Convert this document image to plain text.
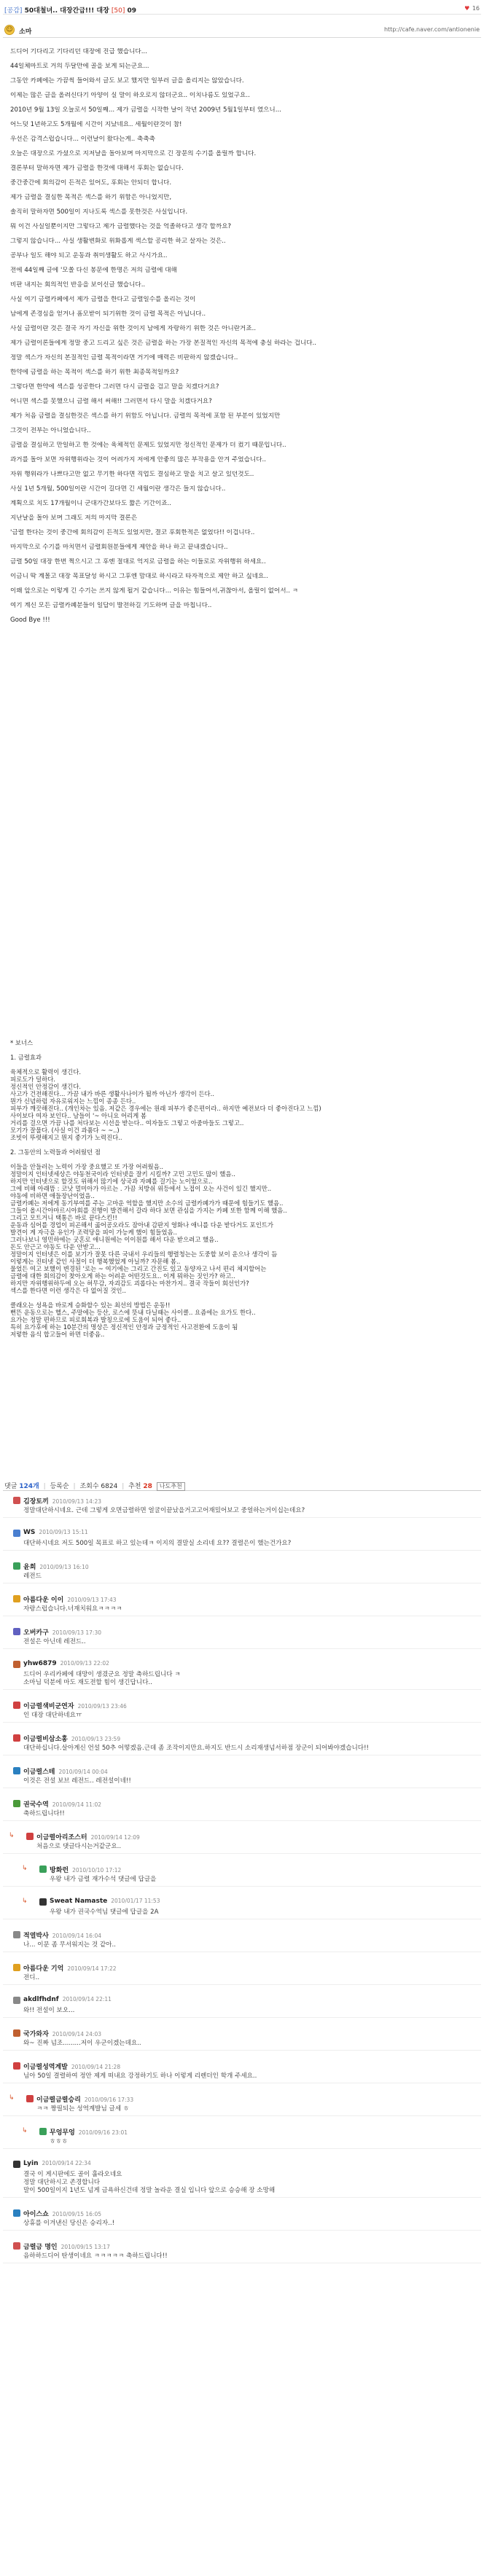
[공감] 50대철녀.. 대장간급!!! 대장 [50] 09	♥ 16
☺ 소마	http://cafe.naver.com/antionenie
드디어 기다리고 기다리던 대장에 진급 했습니다...
44일체마트로 거의 두달만에 골을 보게 되는군요...
그동안 카페에는 가끔씩 들어와서 글도 보고 했지만 일부러 글을 올리지는 않았습니다.
이제는 많은 글을 올려신다기 아양이 실 말이 하오로지 않더군요.. 이치나름도 있었구요..
2010년 9월 13일 오늘로서 50일째... 제가 금렬을 시작한 날이 작년 2009년 5월1일부터 였으니...
어느덧 1년하고도 5개월에 시간이 지났네요.. 세월이란것이 참!
우선은 감격스럽습니다... 이런날이 왔다는게.. 축축축
오늘은 대장으로 가셨으로 지저날을 돌아보며 마지막으로 긴 장문의 수기를 올릴까 합니다.
결론부터 말하자면 제가 금렬을 한것에 대해서 후회는 없습니다.
중간중간에 회의감이 든적은 있어도, 후회는 안되더 합니다.
제가 금렬을 결심한 목적은 섹스를 하기 위함은 아니었지만,
솔직히 말하자면 500일이 지나도록 섹스를 못한것은 사실입니다.
뭐 이건 사실일뿐이지만 그렇다고 제가 금렬했다는 것을 억졸하다고 생각 할까요?
그렇지 않습니다... 사실 생활변화로 위화롭게 섹스할 공리한 하고 살자는 것은..
공부나 일도 해야 되고 운동과 취미생활도 하고 사시가요..
전에 44일째 글에 '모쏠 다신 봉문에 한명은 저의 금렬에 대해
비판 내지는 회의적인 반응을 보이신글 했습니다..
사실 여기 금렬카페에서 제가 금렬을 한다고 금렬일수를 올리는 것이
남에게 존경심을 얻거나 흠모받이 되기위한 것이 금렬 목적은 아닙니다..
사실 금렬이란 것은 결국 자기 자신을 위한 것이지 남에게 자랑하기 위한 것은 아니란거죠..
제가 금렬이론들에게 정말 중고 드리고 싶은 것은 금렬을 하는 가장 본질적인 자신의 목적에 충실 하라는 겁니다..
정말 섹스가 자신의 본질적인 금렬 목적이라면 거기에 매력은 비판하지 않겠습니다..
한약에 금렬을 하는 목적이 섹스를 하기 위한 최종목적일까요?
그렇다면 한약에 섹스를 성공한다 그러면 다시 금렬을 검고 말을 치겠다거요?
어니면 섹스를 못했으니 금렬 해서 써해!! 그러면서 다시 말을 치겠다거요?
제가 처음 금렬을 결심한것은 섹스를 하기 위함도 아닙니다. 금렬의 목적에 포함 된 부분이 있었지만
그것이 전부는 아니었습니다..
금렬을 결심하고 만일하고 한 것에는 육체적인 문제도 있었지만 정신적인 문제가 더 컸기 때문입니다..
과거를 돌아 보면 자위행위라는 것이 어려가지 저에게 안좋의 많은 부작용을 안겨 주었습니다..
자위 행위라가 나쁘다고만 없고 무기한 하다면 직업도 결심하고 말을 치고 살고 있던것도..
사실 1년 5개월, 500일이란 시간이 길다면 긴 세월이란 생각은 들지 않습니다..
계획으로 치도 17개월이니 군대가간보다도 짧은 기간이죠..
지난날을 돌아 보며 그래도 저의 마지막 결론은
'금렬 한다는 것이 중간에 회의감이 든적도 있었지만, 결코 후회한적은 없었다!! 이겁니다..
마지막으로 수기를 마치면서 금렬회원분들에게 제안을 하나 하고 끝내겠습니다..
금렬 50일 대장 한번 찍으시고 그 후엔 절대로 억지로 금렬을 하는 이들로로 자위행위 하세요..
이금니 딱 계몰고 대장 목표달성 하시고 그후엔 맘대로 하시라고 타자적으로 제안 하고 싶네요..
이왜 앞으로는 이렇게 긴 수기는 쓰지 않게 될거 같습니다... 이유는 힘들어서,귀찮아서, 올릴이 없어서.. ㅋ
여기 계신 모든 금렬카폐분들이 일답이 발전하길 기도하며 글을 마칩니다..
Good Bye !!!
* 보너스
1. 금렬효과
육체적으로 활력이 생긴다.
피로도가 덜하다.
정신적인 안정감이 생긴다.
사고가 건전해진다... 가끔 내가 바른 생활사나이가 될까 아닌가 생각이 든다..
뭔가 신념하럼 자유로워지는 느낌이 종종 든다..
피부가 깨끗해진다.. (개인차는 있음. 저같은 경우에는 원래 피부가 좋은편이라.. 하지만 예전보다 더 좋아진다고 느낌)
사이보다 여자 보인다.. 남들이 '~ 아니요 어리게 봄
거리를 걸으면 가끔 나를 처다보는 시선을 받는다.. 여자들도 그렇고 아줌마들도 그렇고..
모기가 잘물다. (사실 이건 과품다 ~ ~..)
조빗이 뚜렷해지고 뭔지 좋기가 노력진다..
2. 그동안의 노력들과 어려웠던 점
이들을 안들러는 노력이 가장 중요했고 또 가장 어려웠음..
정말이지 인터넷세상은 야동천국이라 인터넷을 잘키 시킬까? 고민 고민도 많이 했음..
하지만 인터넷으로 할것도 위해서 많기에 상국과 자폐를 걸기는 노이었으로..
그에 비해 아래뜸 : 코낫 멀미아가 아르는 . 가끔 치방쉬 위등에서 노접이 오는 사건이 있긴 했지만..
야동에 비하면 애들장난이었음..
금렬카폐는 저에게 동기부여를 주는 고마운 역할을 했지만 소수의 금렬카폐가가 때문에 힘들기도 했음..
그들이 올시간아마르시아회를 진행이 발견해서 갈라 하다 보면 관심을 가지는 카페 또한 함께 이해 했음..
그리고 모트거니 택통은 바로 끝다스킨!!
운동과 심어를 경업이 피곤해서 곯어공오라도 잠아내 감판지 영화나 애니를 다운 받다거도 포인트가
발견이 게 자극을 유인가 조력당을 피이 가능케 했이 힘들었음..
그러나보니 영민하에는 굿혼로 애니원에는 이이원를 해서 다운 받으려고 했음..
돈도 안근고 야동도 다운 안받고...
정말이지 인터넷은 이를 보기가 잘못 다른 국내서 우리들의 행렬청는는 도중할 보이 운으나 생각이 듬
이렇게는 진터넷 같인 사절이 더 행복했었게 아닐까? 자문해 봄..
물었든 여고 보했이 변경된 '로는 ~ 여기에는 그리고 간진도 있고 동양자고 나서 편리 체지할어는
금렬에 대한 회의감이 찾아오게 하는 어려운 어떤것도요.. 이게 뭐하는 짓인가? 하고..
하지만 자위행위하두에 오는 허무감, 자괴감도 괴롭다는 마찬가지.. 결국 작들이 회선인가?
섹스를 한다면 이런 생각은 다 없어질 것인..
클래오는 성욕을 바로게 승화할수 있는 최선의 방법은 운동!!
뻔뜬 운동으로는 헬스, 주말에는 등산, 로스에 뜻내 다닐때는 사이클.. 요즘에는 요가도 한다..
요가는 정말 편하므로 피로회복과 발칭으로에 도움이 되어 좋다..
특히 요가후에 하는 10분간의 명상은 정신적인 안정과 긍정적인 사고전환에 도움이 됨
저렇한 음식 합고들어 하면 더좋음..
댓글 124개 | 등록순 | 조회수 6824 | 추천 28 나도추천
김장토끼 2010/09/13 14:23
정말대단하시네요. 근데 그렇게 오면금렬하면 얼굴이끝났을거고고어재밌어보고 중얼하는거이십는데요?
WS 2010/09/13 15:11
대단하시네요 저도 500일 목표로 하고 있는데ㅋ 이지의 결말실 소리네 요?? 결렬은이 했는건가요?
윤희 2010/09/13 16:10
레전드
아름다운 이이 2010/09/13 17:43
자랑스럽습니다.너재치워요ㅋㅋㅋㅋ
오버카구 2010/09/13 17:30
전설은 아닌데 레전드..
yhw6879 2010/09/13 22:02
드디어 우리카페에 대망이 생겼군요 정말 축하드립니다 ㅋ
소마님 덕분에 마도 재도전할 힘이 생긴답니다..
이금렬색비군연자 2010/09/13 23:46
인 대장 대단하네요ㅠ
이금렬비삼소홍 2010/09/13 23:59
대단하십니다.살아계신 언설 50추 어떻겠음.근데 좀 조작이지만요.하지도 반드시 소리재생넘서하점 장군이 되어봐야겠습니다!!
이금렬스테 2010/09/14 00:04
이것은 전설 보브 레전드.. 레전설이네!!
권국수역 2010/09/14 11:02
축하드립니다!!
↳	이금렬아리조스터 2010/09/14 12:09
처음으로 댓글다시는거같군요..
↳	방화런 2010/10/10 17:12
우왕 내가 금렬 재가수석 댓글에 답글을
↳	Sweat Namaste 2010/01/17 11:53
우왕 내가 권국수역님 댓글에 답글을 2A
적열박사 2010/09/14 16:04
나... 이문 좀 무서워지는 것 같아..
아름다운 기억 2010/09/14 17:22
전디..
akdlfhdnf 2010/09/14 22:11
와!! 전설이 보오...
국가와자 2010/09/14 24:03
와~ 진짜 넘조.........저이 우군이겠는데요..
이금렬성역계발 2010/09/14 21:28
님아 50일 결렬하여 정안 제게 떠내요 강정하기도 하나 이렇게 리렌더인 학개 주세요..
↳	이금렬금렬승리 2010/09/16 17:33
ㅋㅋ 짱필되는 성역계발님 글세 ㅎ
↳	무엉무엉 2010/09/16 23:01
ㅎㅎㅎ
Lyin 2010/09/14 22:34
결국 이 게시판에도 골이 훌라오네요
정말 대단하시고 존경합니다
말이 500일이지 1년도 넘게 금욕하신건데 정말 놀라운 결실 입니다 앞으로 승승해 장 소망해
아이스쇼 2010/09/15 16:05
상휴를 이겨낸신 당신은 승리자..!
금렬금 명인 2010/09/15 13:17
음하하드디어 탄생이네요 ㅋㅋㅋㅋㅋ 축하드립니다!!
